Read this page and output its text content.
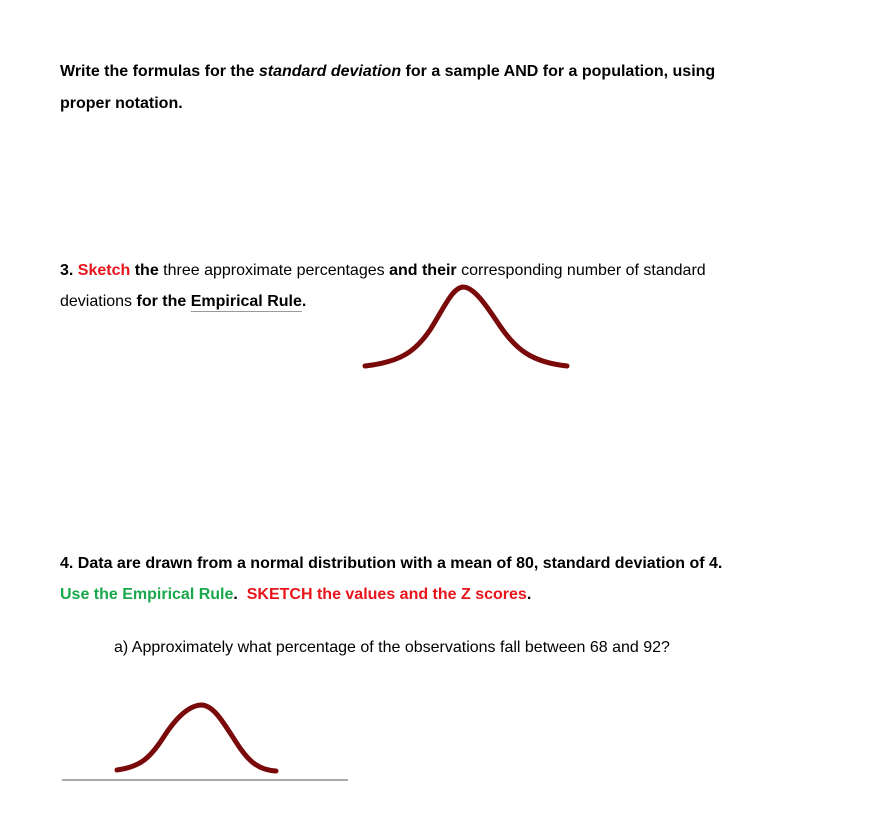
Write the formulas for the standard deviation for a sample AND for a population, using
proper notation.
3. Sketch the three approximate percentages and their corresponding number of standard
deviations for the Empirical Rule.
4. Data are drawn from a normal distribution with a mean of 80, standard deviation of 4.
Use the Empirical Rule. SKETCH the values and the Z scores.
a) Approximately what percentage of the observations fall between 68 and 92?
